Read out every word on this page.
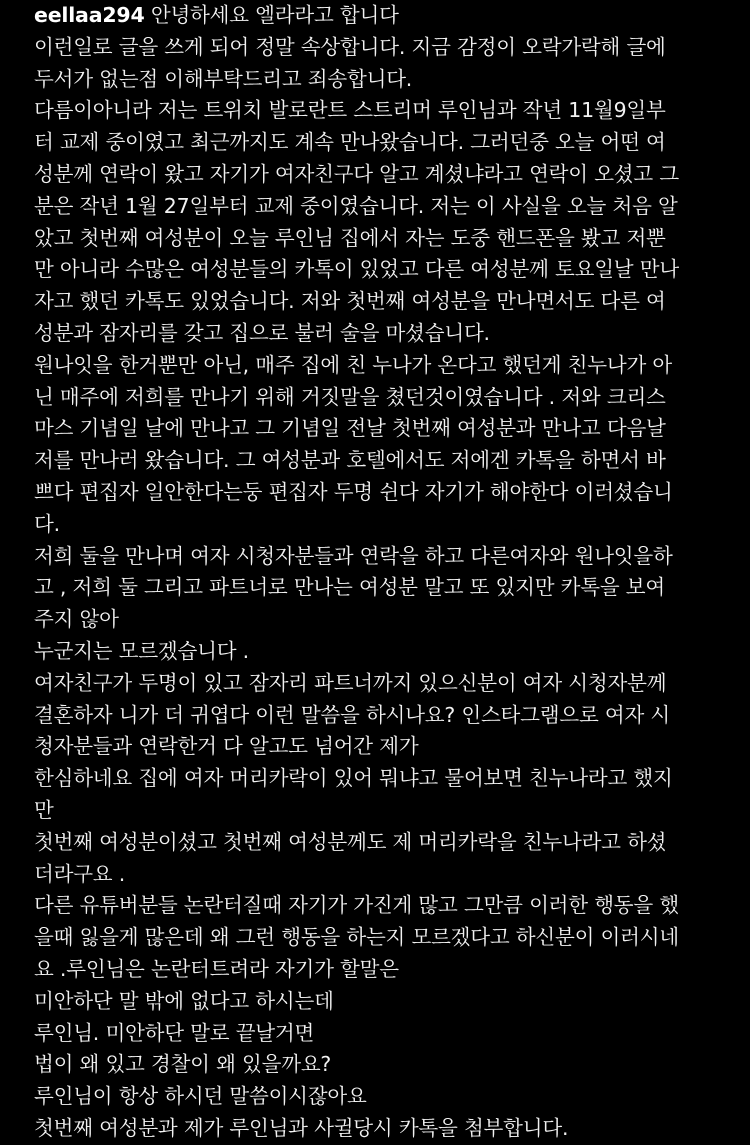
eellaa294 안녕하세요 엘라라고 합니다
이런일로 글을 쓰게 되어 정말 속상합니다. 지금 감정이 오락가락해 글에
두서가 없는점 이해부탁드리고 죄송합니다.
다름이아니라 저는 트위치 발로란트 스트리머 루인님과 작년 11월9일부
터 교제 중이였고 최근까지도 계속 만나왔습니다. 그러던중 오늘 어떤 여
성분께 연락이 왔고 자기가 여자친구다 알고 계셨냐라고 연락이 오셨고 그
분은 작년 1월 27일부터 교제 중이였습니다. 저는 이 사실을 오늘 처음 알
았고 첫번째 여성분이 오늘 루인님 집에서 자는 도중 핸드폰을 봤고 저뿐
만 아니라 수많은 여성분들의 카톡이 있었고 다른 여성분께 토요일날 만나
자고 했던 카톡도 있었습니다. 저와 첫번째 여성분을 만나면서도 다른 여
성분과 잠자리를 갖고 집으로 불러 술을 마셨습니다.
원나잇을 한거뿐만 아닌, 매주 집에 친 누나가 온다고 했던게 친누나가 아
닌 매주에 저희를 만나기 위해 거짓말을 쳤던것이였습니다 . 저와 크리스
마스 기념일 날에 만나고 그 기념일 전날 첫번째 여성분과 만나고 다음날
저를 만나러 왔습니다. 그 여성분과 호텔에서도 저에겐 카톡을 하면서 바
쁘다 편집자 일안한다는둥 편집자 두명 쉰다 자기가 해야한다 이러셨습니
다.
저희 둘을 만나며 여자 시청자분들과 연락을 하고 다른여자와 원나잇을하
고 , 저희 둘 그리고 파트너로 만나는 여성분 말고 또 있지만 카톡을 보여
주지 않아
누군지는 모르겠습니다 .
여자친구가 두명이 있고 잠자리 파트너까지 있으신분이 여자 시청자분께
결혼하자 니가 더 귀엽다 이런 말씀을 하시나요? 인스타그램으로 여자 시
청자분들과 연락한거 다 알고도 넘어간 제가
한심하네요 집에 여자 머리카락이 있어 뭐냐고 물어보면 친누나라고 했지
만
첫번째 여성분이셨고 첫번째 여성분께도 제 머리카락을 친누나라고 하셨
더라구요 .
다른 유튜버분들 논란터질때 자기가 가진게 많고 그만큼 이러한 행동을 했
을때 잃을게 많은데 왜 그런 행동을 하는지 모르겠다고 하신분이 이러시네
요 .루인님은 논란터트려라 자기가 할말은
미안하단 말 밖에 없다고 하시는데
루인님. 미안하단 말로 끝날거면
법이 왜 있고 경찰이 왜 있을까요?
루인님이 항상 하시던 말씀이시잖아요
첫번째 여성분과 제가 루인님과 사귈당시 카톡을 첨부합니다.
